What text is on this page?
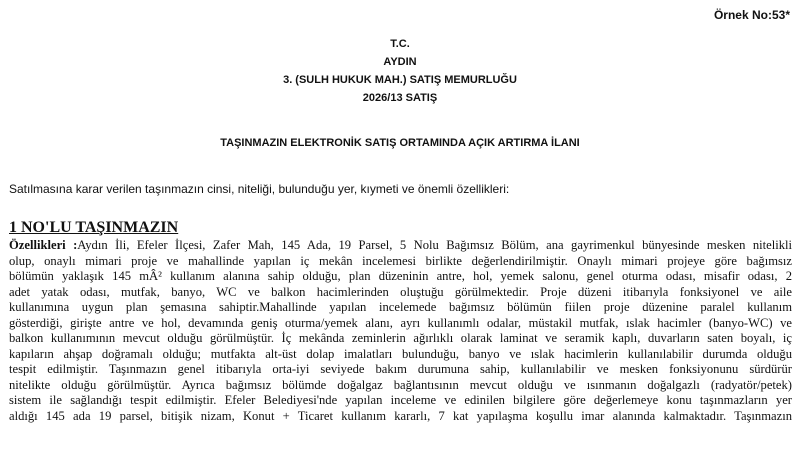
Örnek No:53*
T.C.
AYDIN
3. (SULH HUKUK MAH.) SATIŞ MEMURLUĞU
2026/13 SATIŞ
TAŞINMAZIN ELEKTRONİK SATIŞ ORTAMINDA AÇIK ARTIRMA İLANI
Satılmasına karar verilen taşınmazın cinsi, niteliği, bulunduğu yer, kıymeti ve önemli özellikleri:
1 NO'LU TAŞINMAZIN
Özellikleri :Aydın İli, Efeler İlçesi, Zafer Mah, 145 Ada, 19 Parsel, 5 Nolu Bağımsız Bölüm, ana gayrimenkul bünyesinde mesken nitelikli
olup, onaylı mimari proje ve mahallinde yapılan iç mekân incelemesi birlikte değerlendirilmiştir. Onaylı mimari projeye göre bağımsız
bölümün yaklaşık 145 mÂ² kullanım alanına sahip olduğu, plan düzeninin antre, hol, yemek salonu, genel oturma odası, misafir odası, 2
adet yatak odası, mutfak, banyo, WC ve balkon hacimlerinden oluştuğu görülmektedir. Proje düzeni itibarıyla fonksiyonel ve aile
kullanımına uygun plan şemasına sahiptir.Mahallinde yapılan incelemede bağımsız bölümün fiilen proje düzenine paralel kullanım
gösterdiği, girişte antre ve hol, devamında geniş oturma/yemek alanı, ayrı kullanımlı odalar, müstakil mutfak, ıslak hacimler (banyo-WC) ve
balkon kullanımının mevcut olduğu görülmüştür. İç mekânda zeminlerin ağırlıklı olarak laminat ve seramik kaplı, duvarların saten boyalı, iç
kapıların ahşap doğramalı olduğu; mutfakta alt-üst dolap imalatları bulunduğu, banyo ve ıslak hacimlerin kullanılabilir durumda olduğu
tespit edilmiştir. Taşınmazın genel itibarıyla orta-iyi seviyede bakım durumuna sahip, kullanılabilir ve mesken fonksiyonunu sürdürür
nitelikte olduğu görülmüştür. Ayrıca bağımsız bölümde doğalgaz bağlantısının mevcut olduğu ve ısınmanın doğalgazlı (radyatör/petek)
sistem ile sağlandığı tespit edilmiştir. Efeler Belediyesi'nde yapılan inceleme ve edinilen bilgilere göre değerlemeye konu taşınmazların yer
aldığı 145 ada 19 parsel, bitişik nizam, Konut + Ticaret kullanım kararlı, 7 kat yapılaşma koşullu imar alanında kalmaktadır. Taşınmazın
